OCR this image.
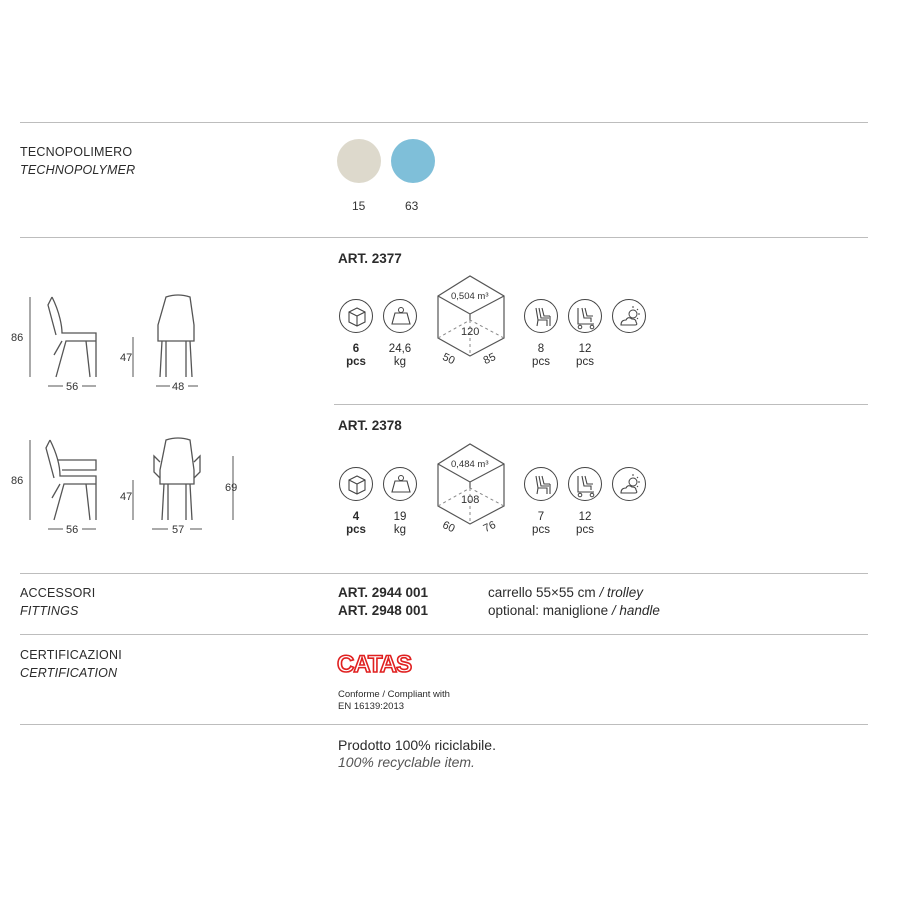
TECNOPOLIMERO
TECHNOPOLYMER
15	63
86
56
47
48
ART. 2377
6
pcs
24,6
kg
0,504 m³
120
50 85
8
pcs
12
pcs
86
56
47
57
69
ART. 2378
4
pcs
19
kg
0,484 m³
108
60 76
7
pcs
12
pcs
ACCESSORI
FITTINGS
ART. 2944 001
ART. 2948 001
carrello 55×55 cm / trolley
optional: maniglione / handle
CERTIFICAZIONI
CERTIFICATION	CATAS
Conforme / Compliant with
EN 16139:2013
Prodotto 100% riciclabile.
100% recyclable item.
